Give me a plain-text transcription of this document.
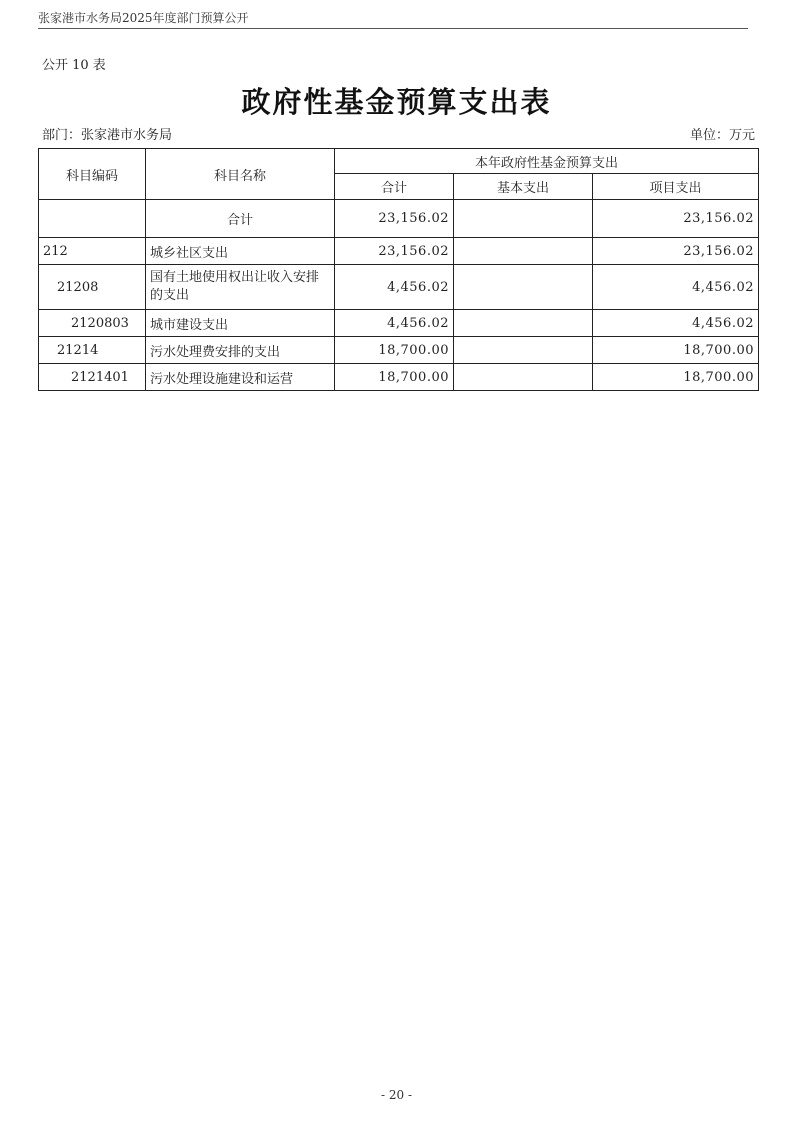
张家港市水务局2025年度部门预算公开
公开 10 表
政府性基金预算支出表
部门：张家港市水务局	单位：万元
科目编码	科目名称	本年政府性基金预算支出		
		合计	基本支出	项目支出
	合计	23,156.02		23,156.02
212	城乡社区支出	23,156.02		23,156.02
21208	国有土地使用权出让收入安排的支出	4,456.02		4,456.02
2120803	城市建设支出	4,456.02		4,456.02
21214	污水处理费安排的支出	18,700.00		18,700.00
2121401	污水处理设施建设和运营	18,700.00		18,700.00
- 20 -
